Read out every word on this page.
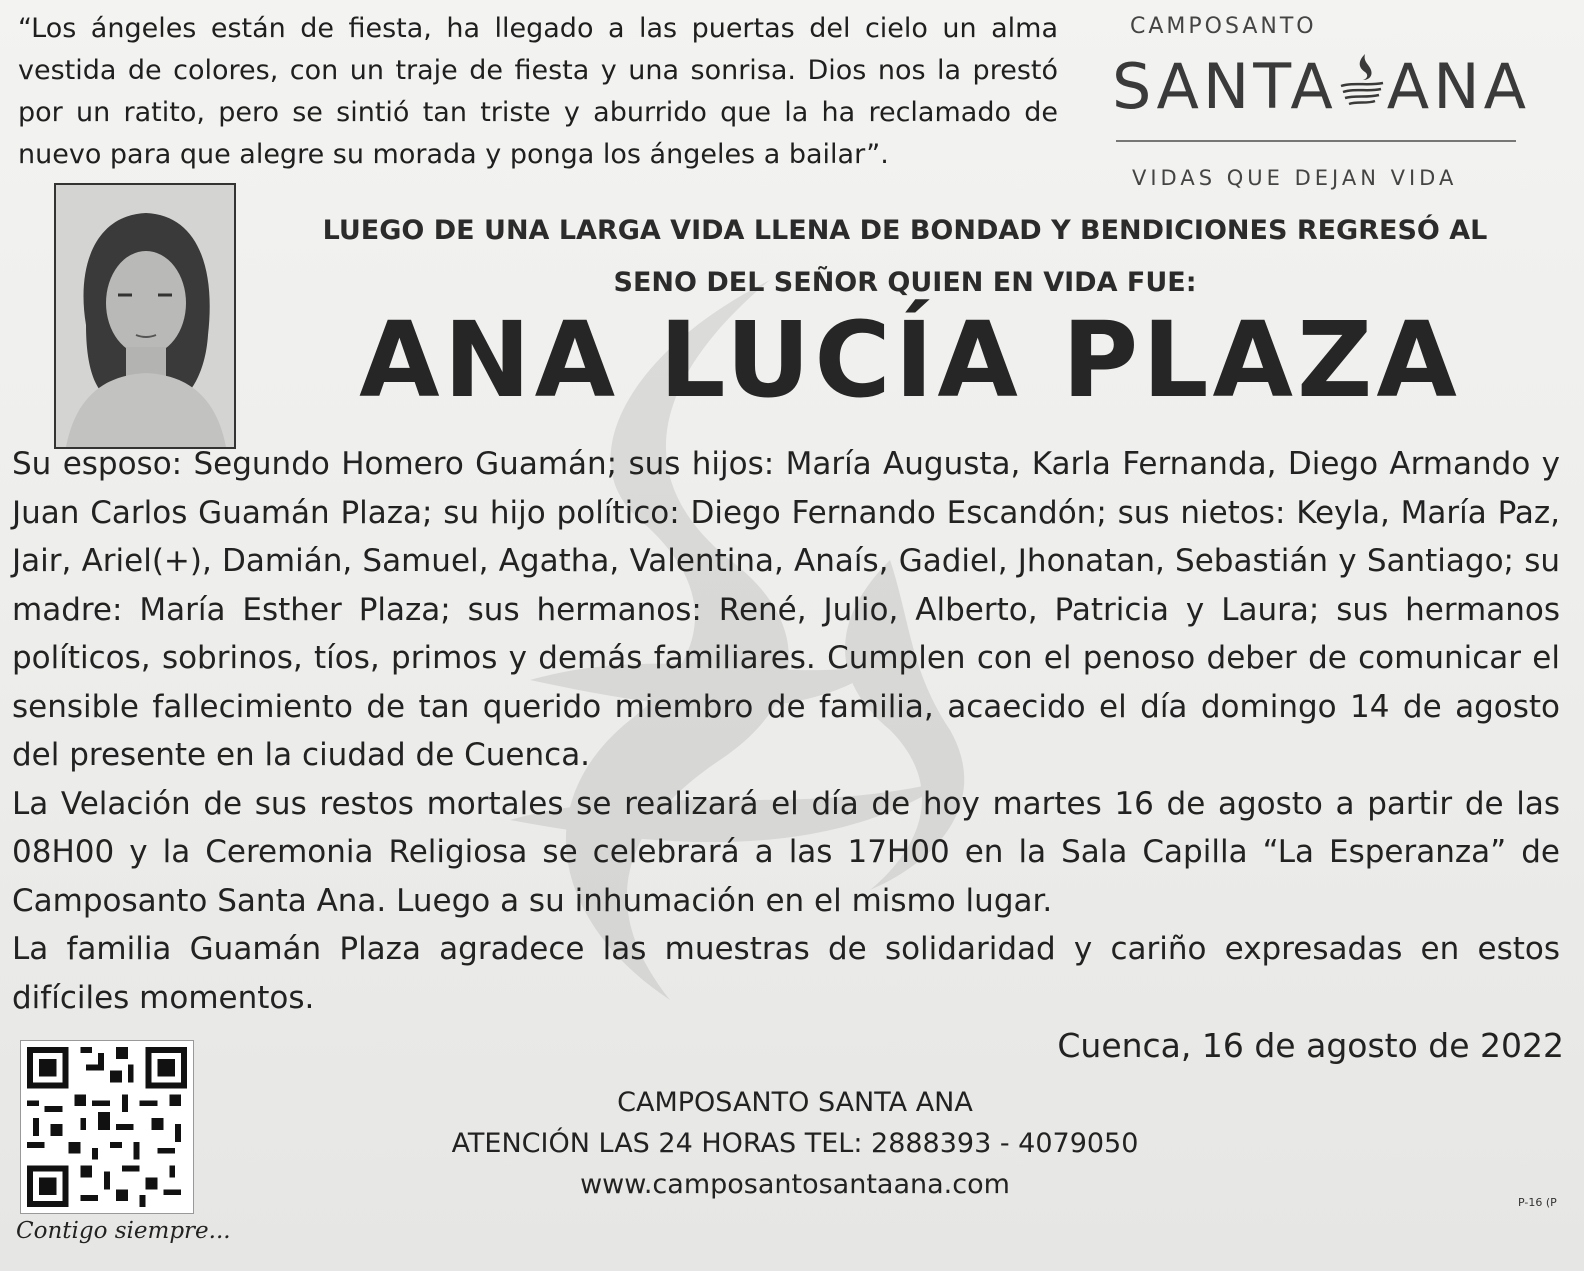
“Los ángeles están de fiesta, ha llegado a las puertas del cielo un alma vestida de colores, con un traje de fiesta y una sonrisa. Dios nos la prestó por un ratito, pero se sintió tan triste y aburrido que la ha reclamado de nuevo para que alegre su morada y ponga los ángeles a bailar”.

CAMPOSANTO
SANTA ANA
VIDAS QUE DEJAN VIDA

LUEGO DE UNA LARGA VIDA LLENA DE BONDAD Y BENDICIONES REGRESÓ AL
SENO DEL SEÑOR QUIEN EN VIDA FUE:

ANA LUCÍA PLAZA

Su esposo: Segundo Homero Guamán; sus hijos: María Augusta, Karla Fernanda, Diego Armando y Juan Carlos Guamán Plaza; su hijo político: Diego Fernando Escandón; sus nietos: Keyla, María Paz, Jair, Ariel(+), Damián, Samuel, Agatha, Valentina, Anaís, Gadiel, Jhonatan, Sebastián y Santiago; su madre: María Esther Plaza; sus hermanos: René, Julio, Alberto, Patricia y Laura; sus hermanos políticos, sobrinos, tíos, primos y demás familiares. Cumplen con el penoso deber de comunicar el sensible fallecimiento de tan querido miembro de familia, acaecido el día domingo 14 de agosto del presente en la ciudad de Cuenca.

La Velación de sus restos mortales se realizará el día de hoy martes 16 de agosto a partir de las 08H00 y la Ceremonia Religiosa se celebrará a las 17H00 en la Sala Capilla “La Esperanza” de Camposanto Santa Ana. Luego a su inhumación en el mismo lugar.

La familia Guamán Plaza agradece las muestras de solidaridad y cariño expresadas en estos difíciles momentos.

Cuenca, 16 de agosto de 2022
Contigo siempre...
CAMPOSANTO SANTA ANA
ATENCIÓN LAS 24 HORAS TEL: 2888393 - 4079050
www.camposantosantaana.com
P-16 (P
